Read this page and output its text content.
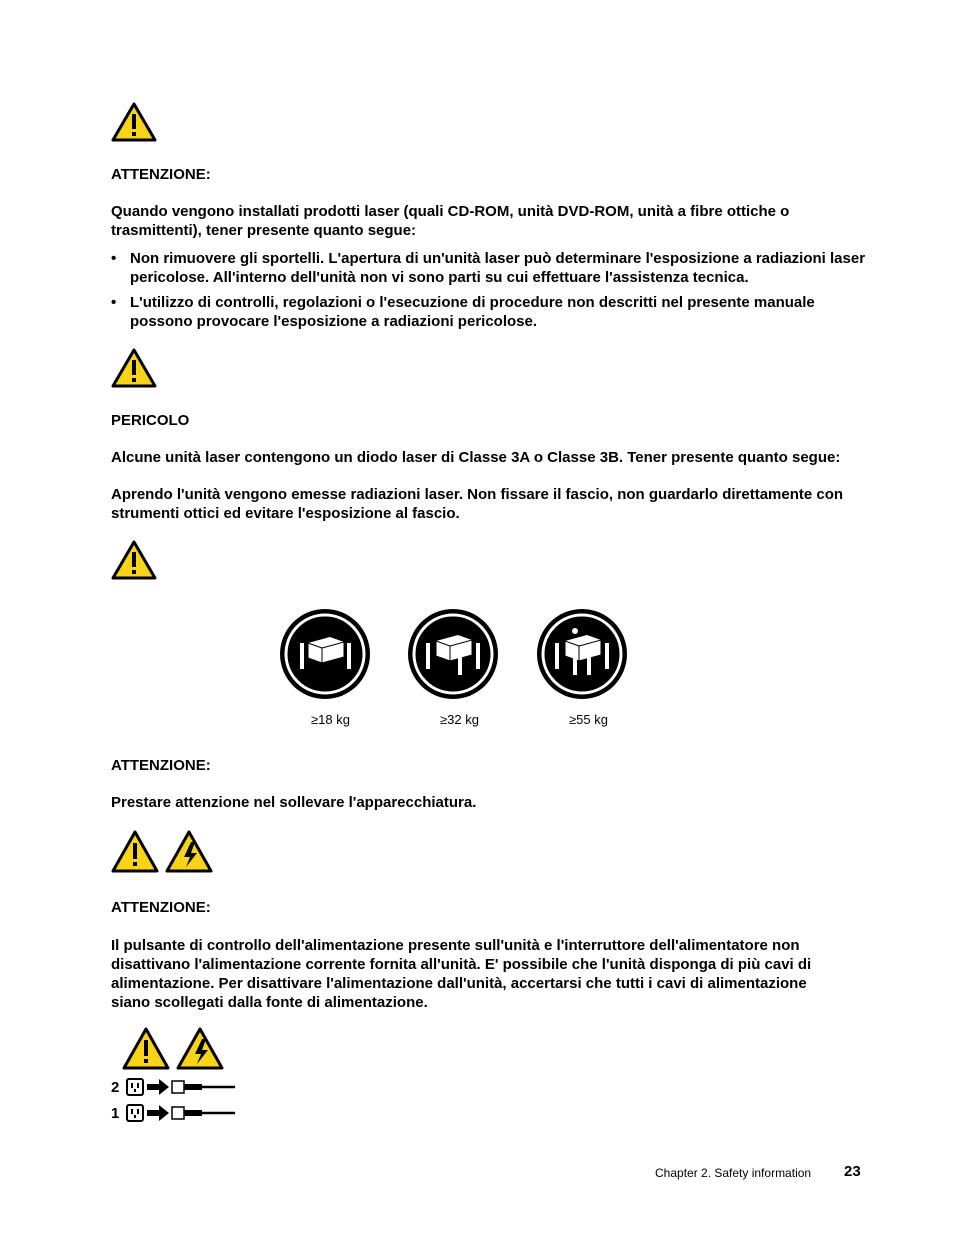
ATTENZIONE:
Quando vengono installati prodotti laser (quali CD-ROM, unità DVD-ROM, unità a fibre ottiche o trasmittenti), tener presente quanto segue:
• Non rimuovere gli sportelli. L'apertura di un'unità laser può determinare l'esposizione a radiazioni laser pericolose. All'interno dell'unità non vi sono parti su cui effettuare l'assistenza tecnica.
• L'utilizzo di controlli, regolazioni o l'esecuzione di procedure non descritti nel presente manuale possono provocare l'esposizione a radiazioni pericolose.
PERICOLO
Alcune unità laser contengono un diodo laser di Classe 3A o Classe 3B. Tener presente quanto segue:
Aprendo l'unità vengono emesse radiazioni laser. Non fissare il fascio, non guardarlo direttamente con strumenti ottici ed evitare l'esposizione al fascio.
≥18 kg	≥32 kg	≥55 kg
ATTENZIONE:
Prestare attenzione nel sollevare l'apparecchiatura.
ATTENZIONE:
Il pulsante di controllo dell'alimentazione presente sull'unità e l'interruttore dell'alimentatore non disattivano l'alimentazione corrente fornita all'unità. E' possibile che l'unità disponga di più cavi di alimentazione. Per disattivare l'alimentazione dall'unità, accertarsi che tutti i cavi di alimentazione siano scollegati dalla fonte di alimentazione.
2
1
Chapter 2. Safety information 23
